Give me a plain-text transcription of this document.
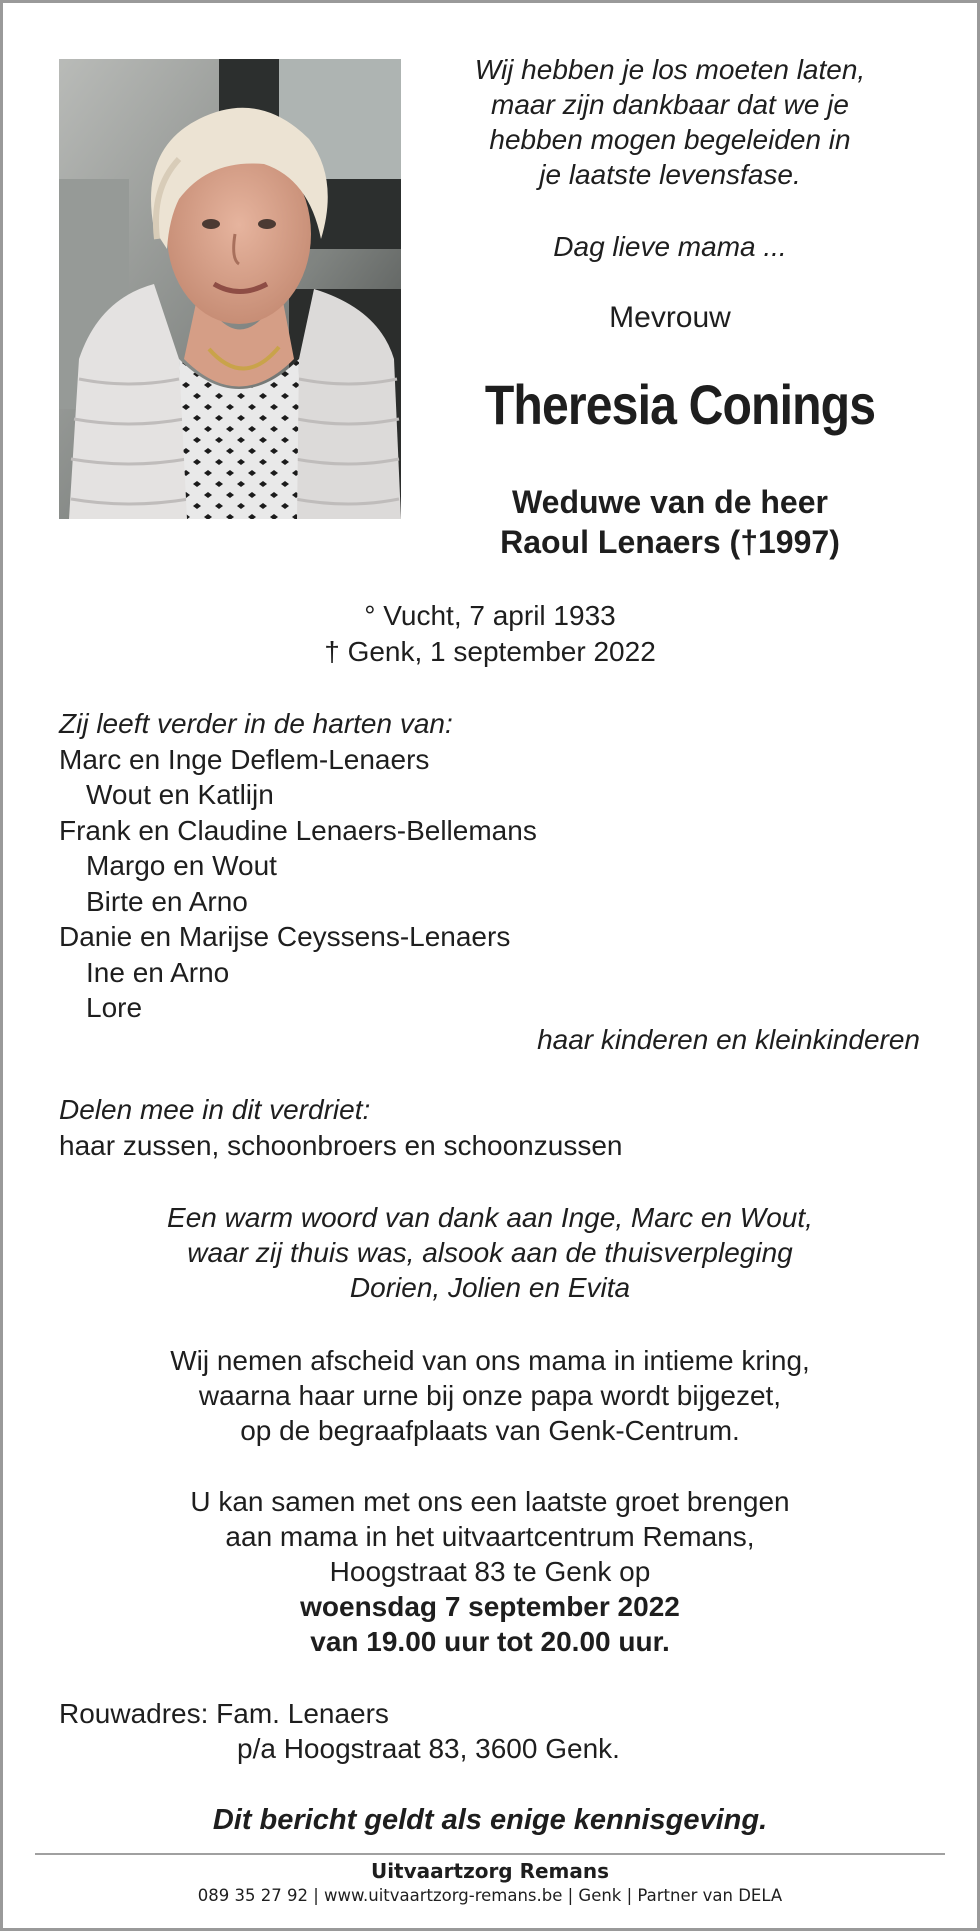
Wij hebben je los moeten laten,
maar zijn dankbaar dat we je
hebben mogen begeleiden in
je laatste levensfase.
Dag lieve mama ...
Mevrouw
Theresia Conings
Weduwe van de heer
Raoul Lenaers (†1997)
° Vucht, 7 april 1933
† Genk, 1 september 2022
Zij leeft verder in de harten van:
Marc en Inge Deflem-Lenaers
Wout en Katlijn
Frank en Claudine Lenaers-Bellemans
Margo en Wout
Birte en Arno
Danie en Marijse Ceyssens-Lenaers
Ine en Arno
Lore
haar kinderen en kleinkinderen
Delen mee in dit verdriet:
haar zussen, schoonbroers en schoonzussen
Een warm woord van dank aan Inge, Marc en Wout,
waar zij thuis was, alsook aan de thuisverpleging
Dorien, Jolien en Evita
Wij nemen afscheid van ons mama in intieme kring,
waarna haar urne bij onze papa wordt bijgezet,
op de begraafplaats van Genk-Centrum.
U kan samen met ons een laatste groet brengen
aan mama in het uitvaartcentrum Remans,
Hoogstraat 83 te Genk op
woensdag 7 september 2022
van 19.00 uur tot 20.00 uur.
Rouwadres: Fam. Lenaers
p/a Hoogstraat 83, 3600 Genk.
Dit bericht geldt als enige kennisgeving.
Uitvaartzorg Remans
089 35 27 92 | www.uitvaartzorg-remans.be | Genk | Partner van DELA
